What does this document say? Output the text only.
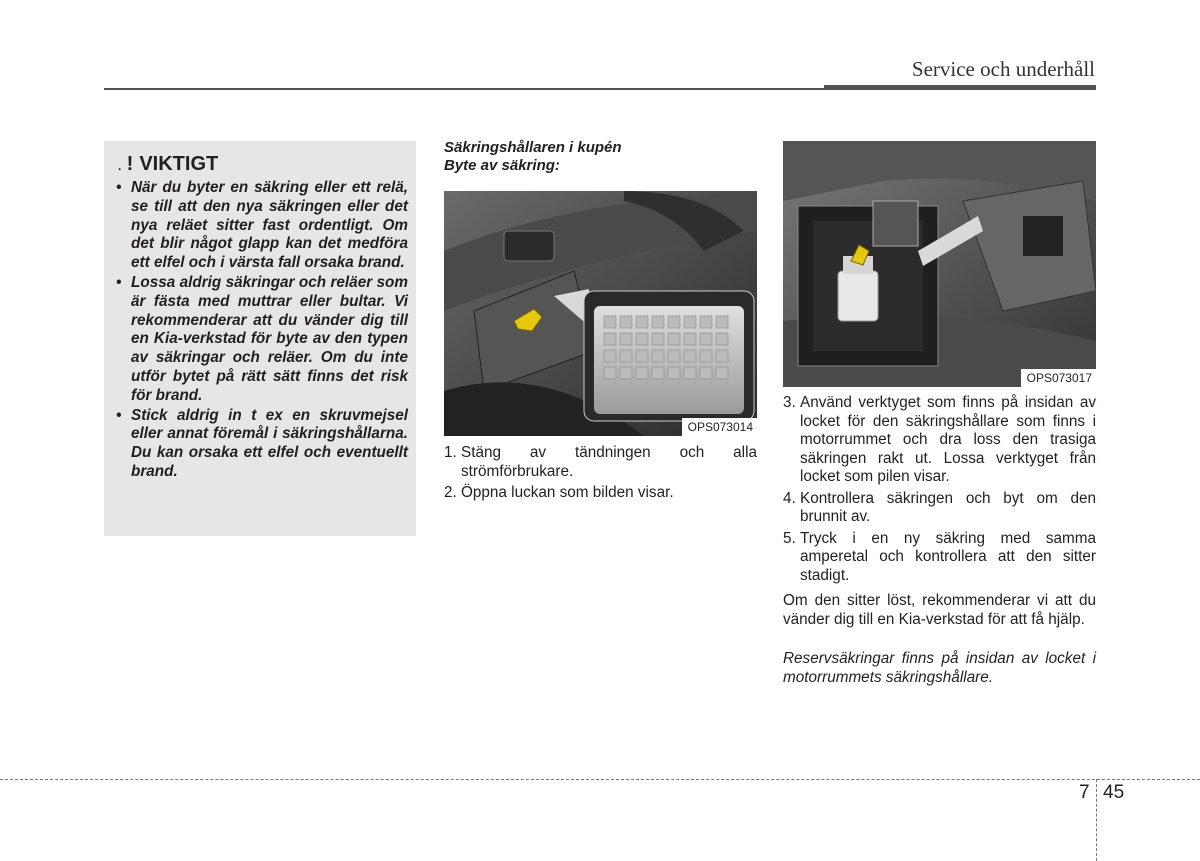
Service och underhåll
. ! VIKTIGT
• När du byter en säkring eller ett relä, se till att den nya säkringen eller det nya reläet sitter fast ordentligt. Om det blir något glapp kan det medföra ett elfel och i värsta fall orsaka brand.
• Lossa aldrig säkringar och reläer som är fästa med muttrar eller bultar. Vi rekommenderar att du vänder dig till en Kia-verkstad för byte av den typen av säkringar och reläer. Om du inte utför bytet på rätt sätt finns det risk för brand.
• Stick aldrig in t ex en skruvmejsel eller annat föremål i säkringshållarna. Du kan orsaka ett elfel och eventuellt brand.
Säkringshållaren i kupén
Byte av säkring:
OPS073014
OPS073017
1. Stäng av tändningen och alla strömförbrukare.
2. Öppna luckan som bilden visar.
3. Använd verktyget som finns på insidan av locket för den säkringshållare som finns i motorrummet och dra loss den trasiga säkringen rakt ut. Lossa verktyget från locket som pilen visar.
4. Kontrollera säkringen och byt om den brunnit av.
5. Tryck i en ny säkring med samma amperetal och kontrollera att den sitter stadigt.
Om den sitter löst, rekommenderar vi att du vänder dig till en Kia-verkstad för att få hjälp.
Reservsäkringar finns på insidan av locket i motorrummets säkringshållare.
7 45
